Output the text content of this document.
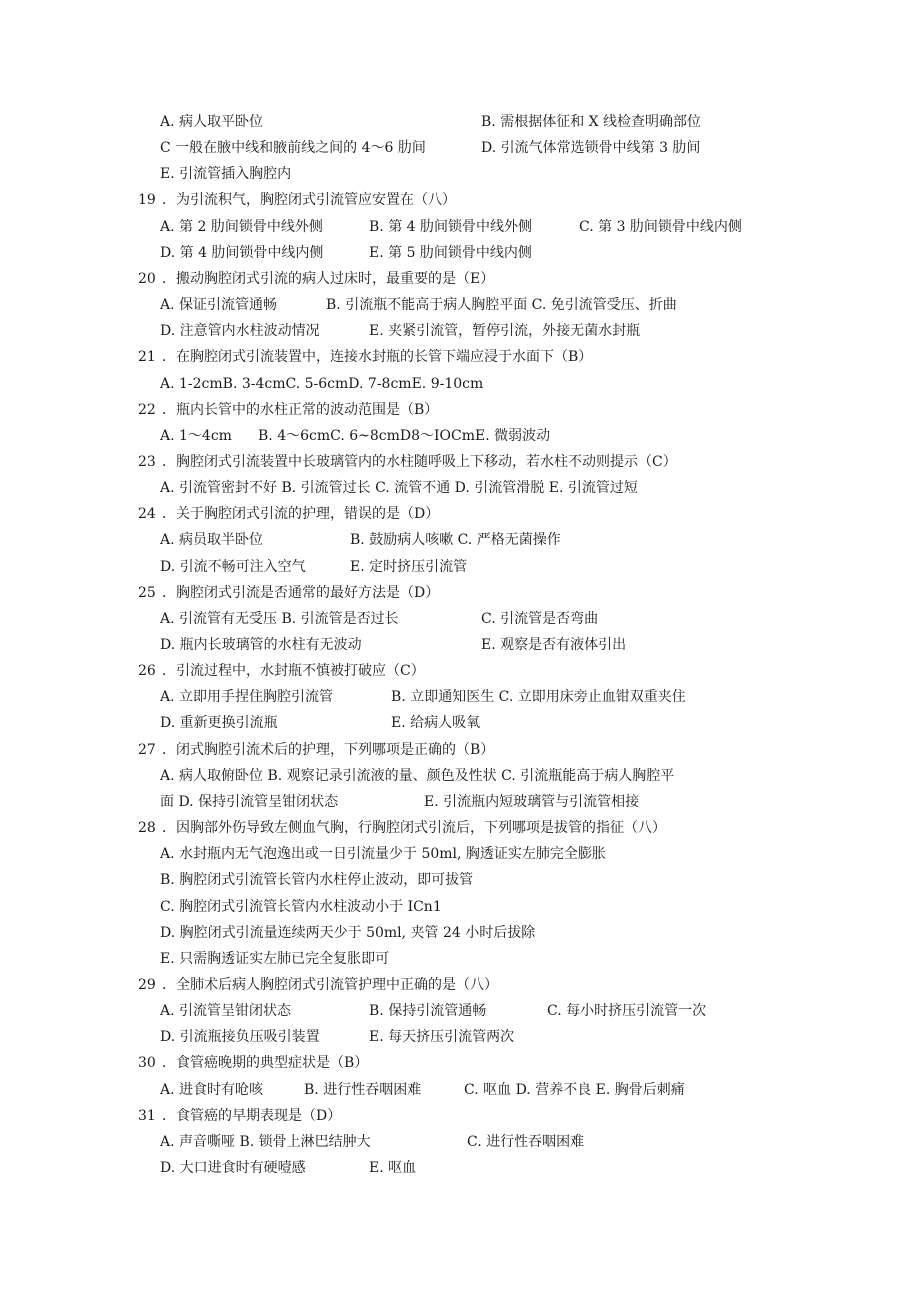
A. 病人取平卧位	B. 需根据体征和 X 线检查明确部位
C 一般在腋中线和腋前线之间的 4～6 肋间	D. 引流气体常选锁骨中线第 3 肋间
E. 引流管插入胸腔内
19 ．为引流积气，胸腔闭式引流管应安置在（八）
A. 第 2 肋间锁骨中线外侧	B. 第 4 肋间锁骨中线外侧	C. 第 3 肋间锁骨中线内侧
D. 第 4 肋间锁骨中线内侧	E. 第 5 肋间锁骨中线内侧
20 ．搬动胸腔闭式引流的病人过床时，最重要的是（E）
A. 保证引流管通畅	B. 引流瓶不能高于病人胸腔平面 C. 免引流管受压、折曲
D. 注意管内水柱波动情况	E. 夹紧引流管，暂停引流，外接无菌水封瓶
21 ．在胸腔闭式引流装置中，连接水封瓶的长管下端应浸于水面下（B）
A. 1-2cmB. 3-4cmC. 5-6cmD. 7-8cmE. 9-10cm
22 ．瓶内长管中的水柱正常的波动范围是（B）
A. 1～4cm B. 4～6cmC. 6~8cmD8～IOCmE. 微弱波动
23 ．胸腔闭式引流装置中长玻璃管内的水柱随呼吸上下移动，若水柱不动则提示（C）
A. 引流管密封不好 B. 引流管过长 C. 流管不通 D. 引流管滑脱 E. 引流管过短
24 ．关于胸腔闭式引流的护理，错误的是（D）
A. 病员取半卧位	B. 鼓励病人咳嗽 C. 严格无菌操作
D. 引流不畅可注入空气	E. 定时挤压引流管
25 ．胸腔闭式引流是否通常的最好方法是（D）
A. 引流管有无受压 B. 引流管是否过长	C. 引流管是否弯曲
D. 瓶内长玻璃管的水柱有无波动	E. 观察是否有液体引出
26 ．引流过程中，水封瓶不慎被打破应（C）
A. 立即用手捏住胸腔引流管	B. 立即通知医生 C. 立即用床旁止血钳双重夹住
D. 重新更换引流瓶	E. 给病人吸氧
27 ．闭式胸腔引流术后的护理，下列哪项是正确的（B）
A. 病人取俯卧位 B. 观察记录引流液的量、颜色及性状 C. 引流瓶能高于病人胸腔平
面 D. 保持引流管呈钳闭状态	E. 引流瓶内短玻璃管与引流管相接
28 ．因胸部外伤导致左侧血气胸，行胸腔闭式引流后，下列哪项是拔管的指征（八）
A. 水封瓶内无气泡逸出或一日引流量少于 50ml, 胸透证实左肺完全膨胀
B. 胸腔闭式引流管长管内水柱停止波动，即可拔管
C. 胸腔闭式引流管长管内水柱波动小于 ICn1
D. 胸腔闭式引流量连续两天少于 50ml, 夹管 24 小时后拔除
E. 只需胸透证实左肺已完全复胀即可
29 ．全肺术后病人胸腔闭式引流管护理中正确的是（八）
A. 引流管呈钳闭状态	B. 保持引流管通畅	C. 每小时挤压引流管一次
D. 引流瓶接负压吸引装置	E. 每天挤压引流管两次
30 ．食管癌晚期的典型症状是（B）
A. 进食时有呛咳	B. 进行性吞咽困难	C. 呕血 D. 营养不良 E. 胸骨后刺痛
31 ．食管癌的早期表现是（D）
A. 声音嘶哑 B. 锁骨上淋巴结肿大	C. 进行性吞咽困难
D. 大口进食时有硬噎感	E. 呕血
